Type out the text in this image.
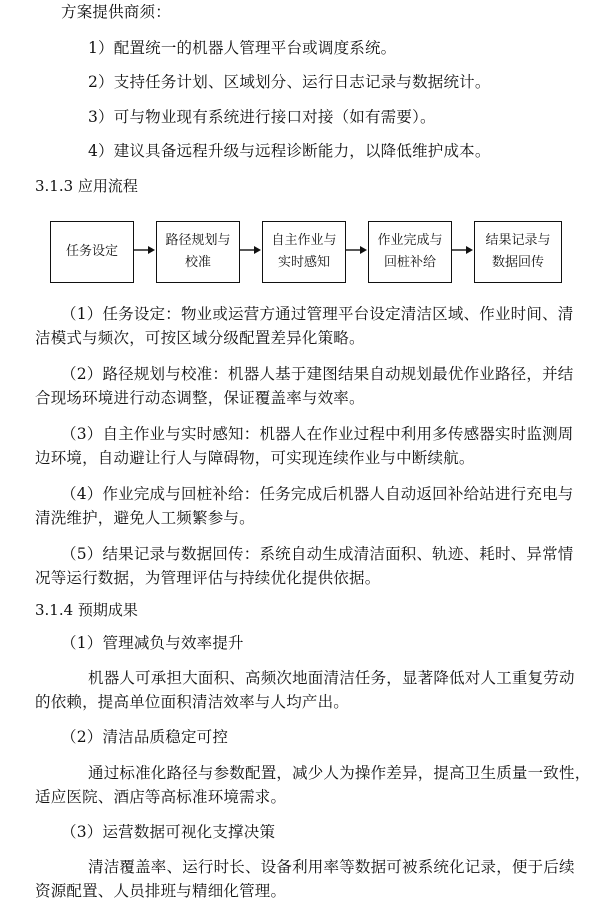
方案提供商须：
1）配置统一的机器人管理平台或调度系统。
2）支持任务计划、区域划分、运行日志记录与数据统计。
3）可与物业现有系统进行接口对接（如有需要）。
4）建议具备远程升级与远程诊断能力，以降低维护成本。
3.1.3 应用流程
任务设定
路径规划与
校准
自主作业与
实时感知
作业完成与
回桩补给
结果记录与
数据回传
（1）任务设定：物业或运营方通过管理平台设定清洁区域、作业时间、清
洁模式与频次，可按区域分级配置差异化策略。
（2）路径规划与校准：机器人基于建图结果自动规划最优作业路径，并结
合现场环境进行动态调整，保证覆盖率与效率。
（3）自主作业与实时感知：机器人在作业过程中利用多传感器实时监测周
边环境，自动避让行人与障碍物，可实现连续作业与中断续航。
（4）作业完成与回桩补给：任务完成后机器人自动返回补给站进行充电与
清洗维护，避免人工频繁参与。
（5）结果记录与数据回传：系统自动生成清洁面积、轨迹、耗时、异常情
况等运行数据，为管理评估与持续优化提供依据。
3.1.4 预期成果
（1）管理减负与效率提升
机器人可承担大面积、高频次地面清洁任务，显著降低对人工重复劳动
的依赖，提高单位面积清洁效率与人均产出。
（2）清洁品质稳定可控
通过标准化路径与参数配置，减少人为操作差异，提高卫生质量一致性，
适应医院、酒店等高标准环境需求。
（3）运营数据可视化支撑决策
清洁覆盖率、运行时长、设备利用率等数据可被系统化记录，便于后续
资源配置、人员排班与精细化管理。
